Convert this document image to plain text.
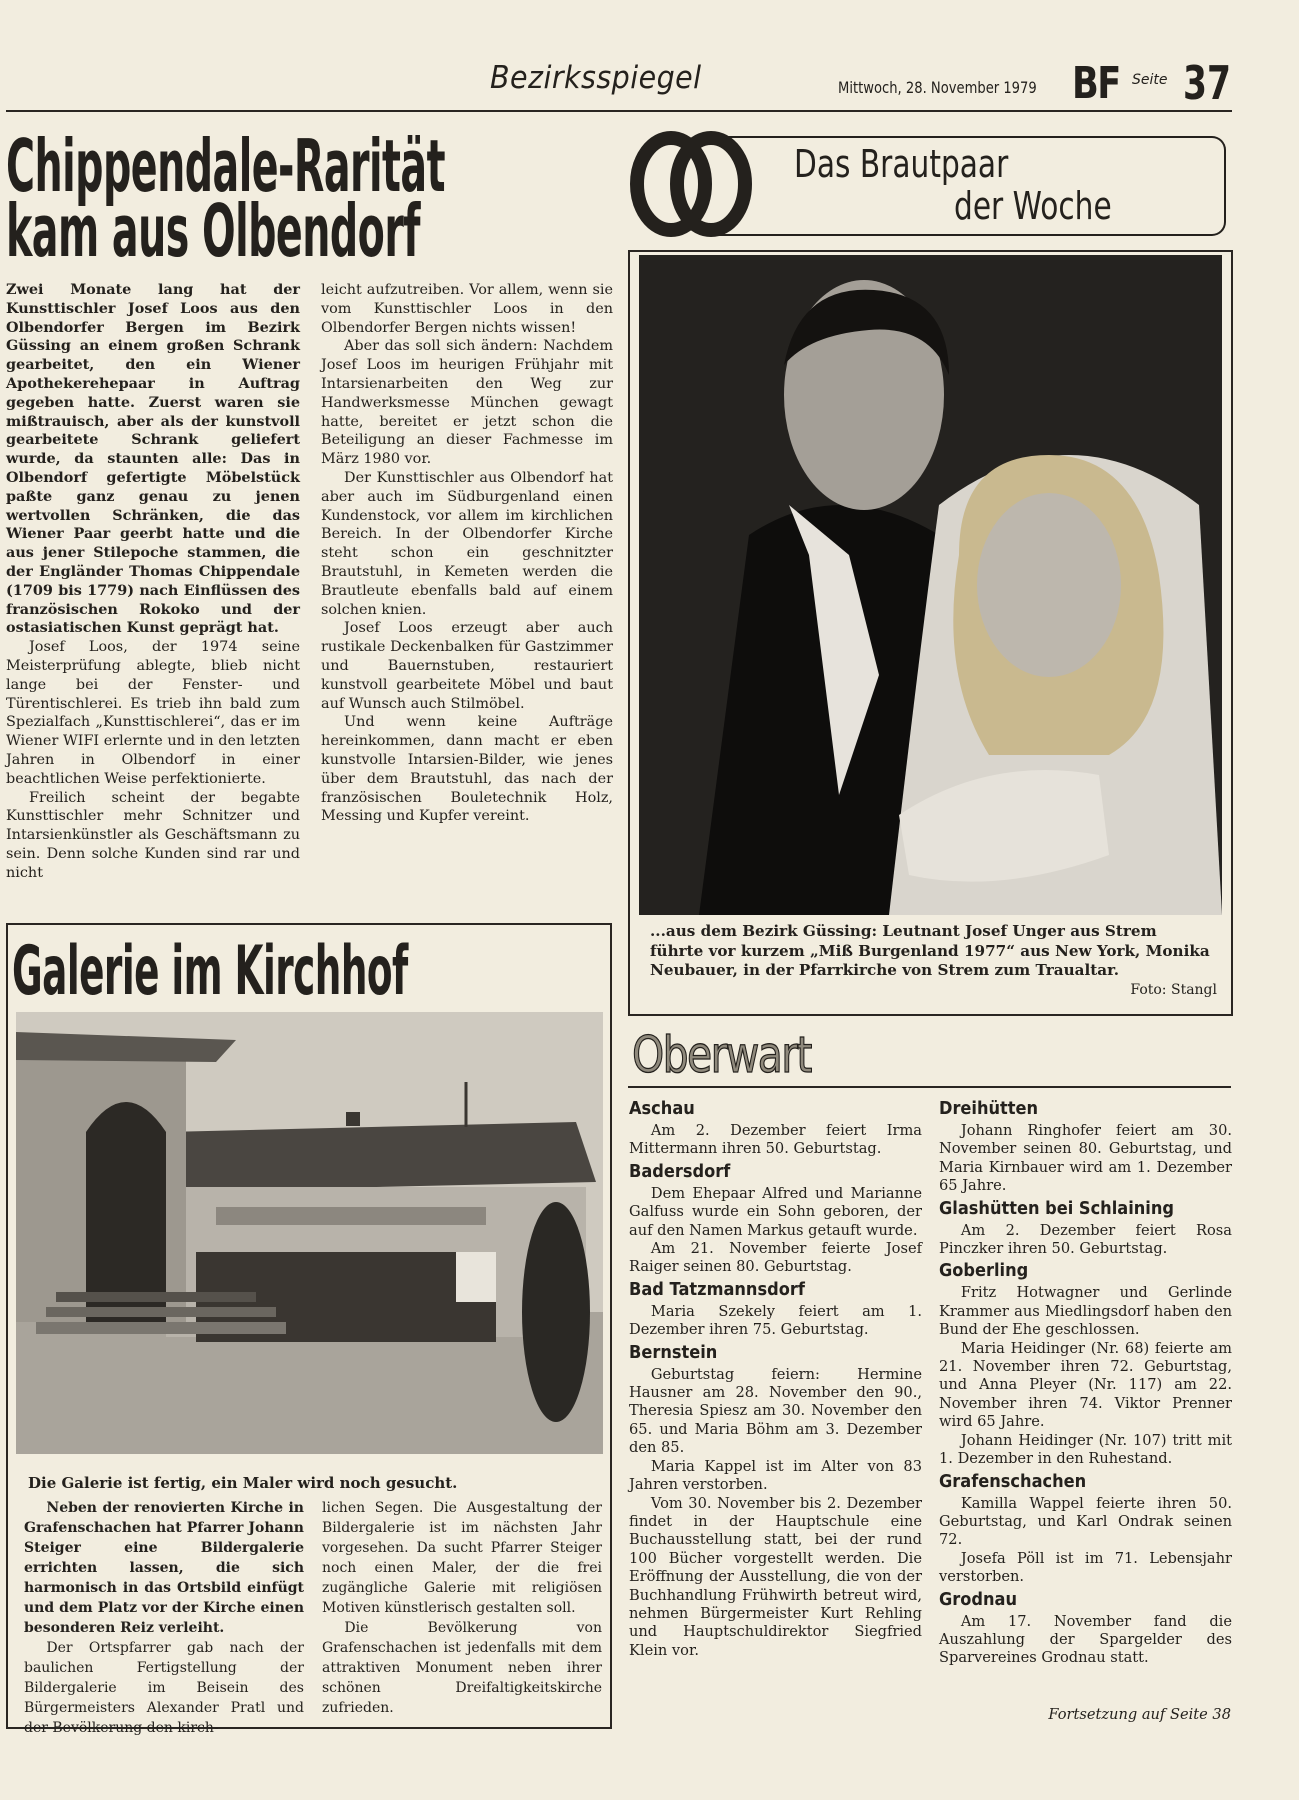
Bezirksspiegel	Mittwoch, 28. November 1979 BF Seite 37
Chippendale-Rarität
kam aus Olbendorf

Zwei Monate lang hat der Kunsttischler Josef Loos aus den Olbendorfer Bergen im Bezirk Güssing an einem großen Schrank gearbeitet, den ein Wiener Apothekerehepaar in Auftrag gegeben hatte. Zuerst waren sie mißtrauisch, aber als der kunstvoll gearbeitete Schrank geliefert wurde, da staunten alle: Das in Olbendorf gefertigte Möbelstück paßte ganz genau zu jenen wertvollen Schränken, die das Wiener Paar geerbt hatte und die aus jener Stilepoche stammen, die der Engländer Thomas Chippendale (1709 bis 1779) nach Einflüssen des französischen Rokoko und der ostasiatischen Kunst geprägt hat.

Josef Loos, der 1974 seine Meisterprüfung ablegte, blieb nicht lange bei der Fenster- und Türentischlerei. Es trieb ihn bald zum Spezialfach „Kunsttischlerei“, das er im Wiener WIFI erlernte und in den letzten Jahren in Olbendorf in einer beachtlichen Weise perfektionierte.

Freilich scheint der begabte Kunsttischler mehr Schnitzer und Intarsienkünstler als Geschäftsmann zu sein. Denn solche Kunden sind rar und nicht

leicht aufzutreiben. Vor allem, wenn sie vom Kunsttischler Loos in den Olbendorfer Bergen nichts wissen!

Aber das soll sich ändern: Nachdem Josef Loos im heurigen Frühjahr mit Intarsienarbeiten den Weg zur Handwerksmesse München gewagt hatte, bereitet er jetzt schon die Beteiligung an dieser Fachmesse im März 1980 vor.

Der Kunsttischler aus Olbendorf hat aber auch im Südburgenland einen Kundenstock, vor allem im kirchlichen Bereich. In der Olbendorfer Kirche steht schon ein geschnitzter Brautstuhl, in Kemeten werden die Brautleute ebenfalls bald auf einem solchen knien.

Josef Loos erzeugt aber auch rustikale Deckenbalken für Gastzimmer und Bauernstuben, restauriert kunstvoll gearbeitete Möbel und baut auf Wunsch auch Stilmöbel.

Und wenn keine Aufträge hereinkommen, dann macht er eben kunstvolle Intarsien-Bilder, wie jenes über dem Brautstuhl, das nach der französischen Bouletechnik Holz, Messing und Kupfer vereint.

Galerie im Kirchhof
Die Galerie ist fertig, ein Maler wird noch gesucht.

Neben der renovierten Kirche in Grafenschachen hat Pfarrer Johann Steiger eine Bildergalerie errichten lassen, die sich harmonisch in das Ortsbild einfügt und dem Platz vor der Kirche einen besonderen Reiz verleiht.

Der Ortspfarrer gab nach der baulichen Fertigstellung der Bildergalerie im Beisein des Bürgermeisters Alexander Pratl und der Bevölkerung den kirch-

lichen Segen. Die Ausgestaltung der Bildergalerie ist im nächsten Jahr vorgesehen. Da sucht Pfarrer Steiger noch einen Maler, der die frei zugängliche Galerie mit religiösen Motiven künstlerisch gestalten soll.

Die Bevölkerung von Grafenschachen ist jedenfalls mit dem attraktiven Monument neben ihrer schönen Dreifaltigkeitskirche zufrieden.

Das Brautpaar
der Woche
...aus dem Bezirk Güssing: Leutnant Josef Unger aus Strem führte vor kurzem „Miß Burgenland 1977“ aus New York, Monika Neubauer, in der Pfarrkirche von Strem zum Traualtar.
Foto: Stangl
Oberwart
Aschau

Am 2. Dezember feiert Irma Mittermann ihren 50. Geburtstag.

Badersdorf

Dem Ehepaar Alfred und Marianne Galfuss wurde ein Sohn geboren, der auf den Namen Markus getauft wurde.

Am 21. November feierte Josef Raiger seinen 80. Geburtstag.

Bad Tatzmannsdorf

Maria Szekely feiert am 1. Dezember ihren 75. Geburtstag.

Bernstein

Geburtstag feiern: Hermine Hausner am 28. November den 90., Theresia Spiesz am 30. November den 65. und Maria Böhm am 3. Dezember den 85.

Maria Kappel ist im Alter von 83 Jahren verstorben.

Vom 30. November bis 2. Dezember findet in der Hauptschule eine Buchausstellung statt, bei der rund 100 Bücher vorgestellt werden. Die Eröffnung der Ausstellung, die von der Buchhandlung Frühwirth betreut wird, nehmen Bürgermeister Kurt Rehling und Hauptschuldirektor Siegfried Klein vor.

Dreihütten

Johann Ringhofer feiert am 30. November seinen 80. Geburtstag, und Maria Kirnbauer wird am 1. Dezember 65 Jahre.

Glashütten bei Schlaining

Am 2. Dezember feiert Rosa Pinczker ihren 50. Geburtstag.

Goberling

Fritz Hotwagner und Gerlinde Krammer aus Miedlingsdorf haben den Bund der Ehe geschlossen.

Maria Heidinger (Nr. 68) feierte am 21. November ihren 72. Geburtstag, und Anna Pleyer (Nr. 117) am 22. November ihren 74. Viktor Prenner wird 65 Jahre.

Johann Heidinger (Nr. 107) tritt mit 1. Dezember in den Ruhestand.

Grafenschachen

Kamilla Wappel feierte ihren 50. Geburtstag, und Karl Ondrak seinen 72.

Josefa Pöll ist im 71. Lebensjahr verstorben.

Grodnau

Am 17. November fand die Auszahlung der Spargelder des Sparvereines Grodnau statt.

Fortsetzung auf Seite 38
